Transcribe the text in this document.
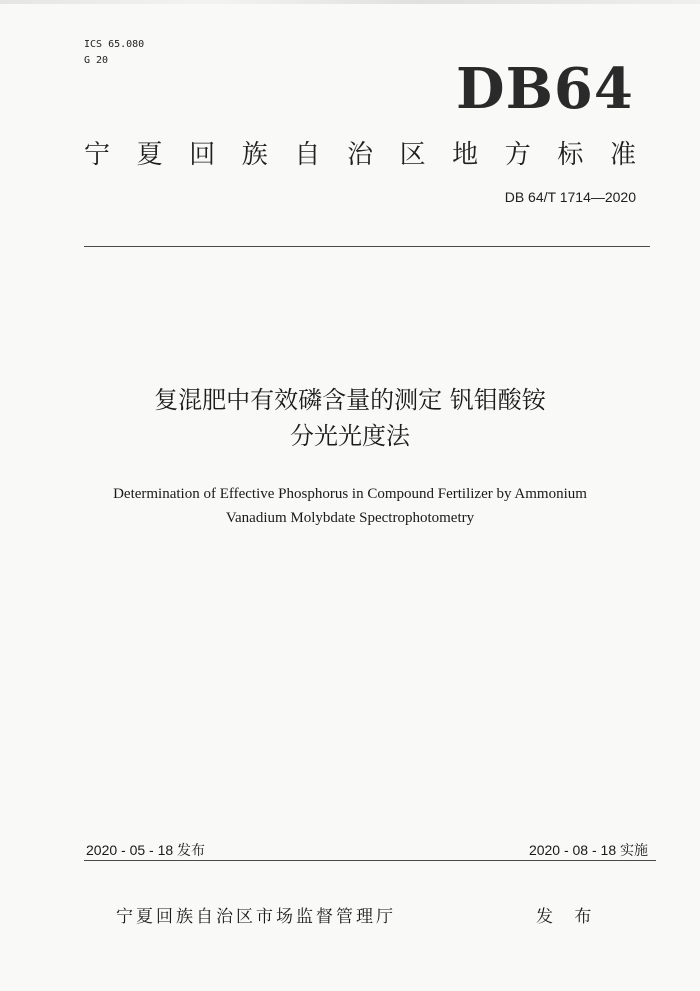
ICS 65.080
G 20	DB64
宁 夏 回 族 自 治 区 地 方 标 准
DB 64/T 1714—2020
复混肥中有效磷含量的测定 钒钼酸铵
分光光度法
Determination of Effective Phosphorus in Compound Fertilizer by Ammonium
Vanadium Molybdate Spectrophotometry
2020 - 05 - 18 发布	2020 - 08 - 18 实施
宁夏回族自治区市场监督管理厅	发 布
